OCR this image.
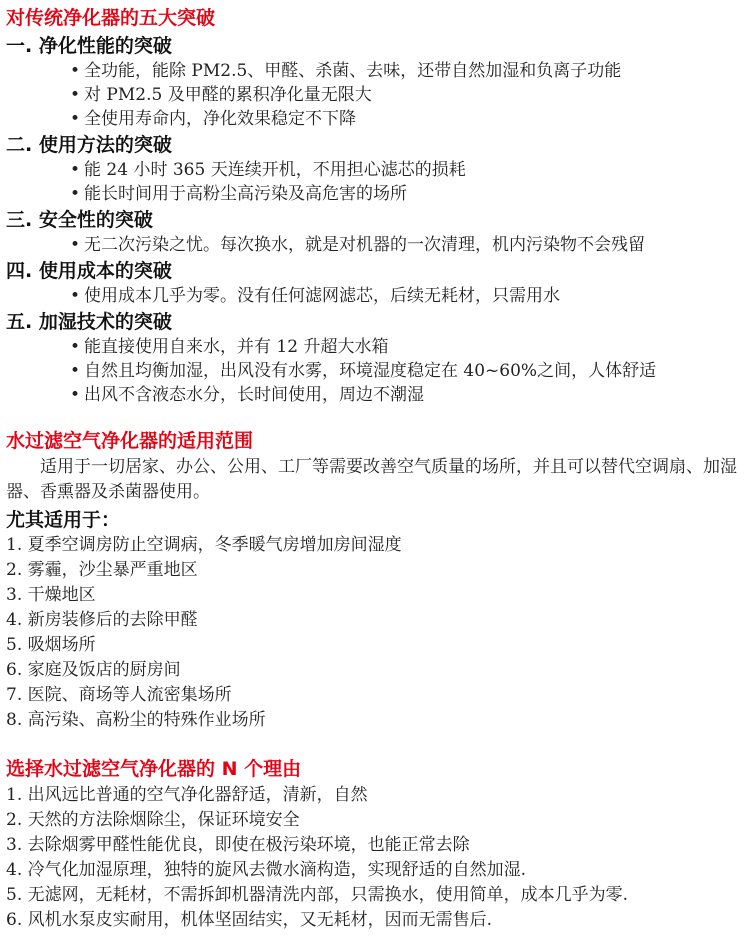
对传统净化器的五大突破
一. 净化性能的突破
• 全功能，能除 PM2.5、甲醛、杀菌、去味，还带自然加湿和负离子功能
• 对 PM2.5 及甲醛的累积净化量无限大
• 全使用寿命内，净化效果稳定不下降
二. 使用方法的突破
• 能 24 小时 365 天连续开机，不用担心滤芯的损耗
• 能长时间用于高粉尘高污染及高危害的场所
三. 安全性的突破
• 无二次污染之忧。每次换水，就是对机器的一次清理，机内污染物不会残留
四. 使用成本的突破
• 使用成本几乎为零。没有任何滤网滤芯，后续无耗材，只需用水
五. 加湿技术的突破
• 能直接使用自来水，并有 12 升超大水箱
• 自然且均衡加湿，出风没有水雾，环境湿度稳定在 40~60%之间，人体舒适
• 出风不含液态水分，长时间使用，周边不潮湿
水过滤空气净化器的适用范围
适用于一切居家、办公、公用、工厂等需要改善空气质量的场所，并且可以替代空调扇、加湿器、香熏器及杀菌器使用。
尤其适用于：
1. 夏季空调房防止空调病，冬季暖气房增加房间湿度
2. 雾霾，沙尘暴严重地区
3. 干燥地区
4. 新房装修后的去除甲醛
5. 吸烟场所
6. 家庭及饭店的厨房间
7. 医院、商场等人流密集场所
8. 高污染、高粉尘的特殊作业场所
选择水过滤空气净化器的 N 个理由
1. 出风远比普通的空气净化器舒适，清新，自然
2. 天然的方法除烟除尘，保证环境安全
3. 去除烟雾甲醛性能优良，即使在极污染环境，也能正常去除
4. 冷气化加湿原理，独特的旋风去微水滴构造，实现舒适的自然加湿.
5. 无滤网，无耗材，不需拆卸机器清洗内部，只需换水，使用简单，成本几乎为零.
6. 风机水泵皮实耐用，机体坚固结实，又无耗材，因而无需售后.
